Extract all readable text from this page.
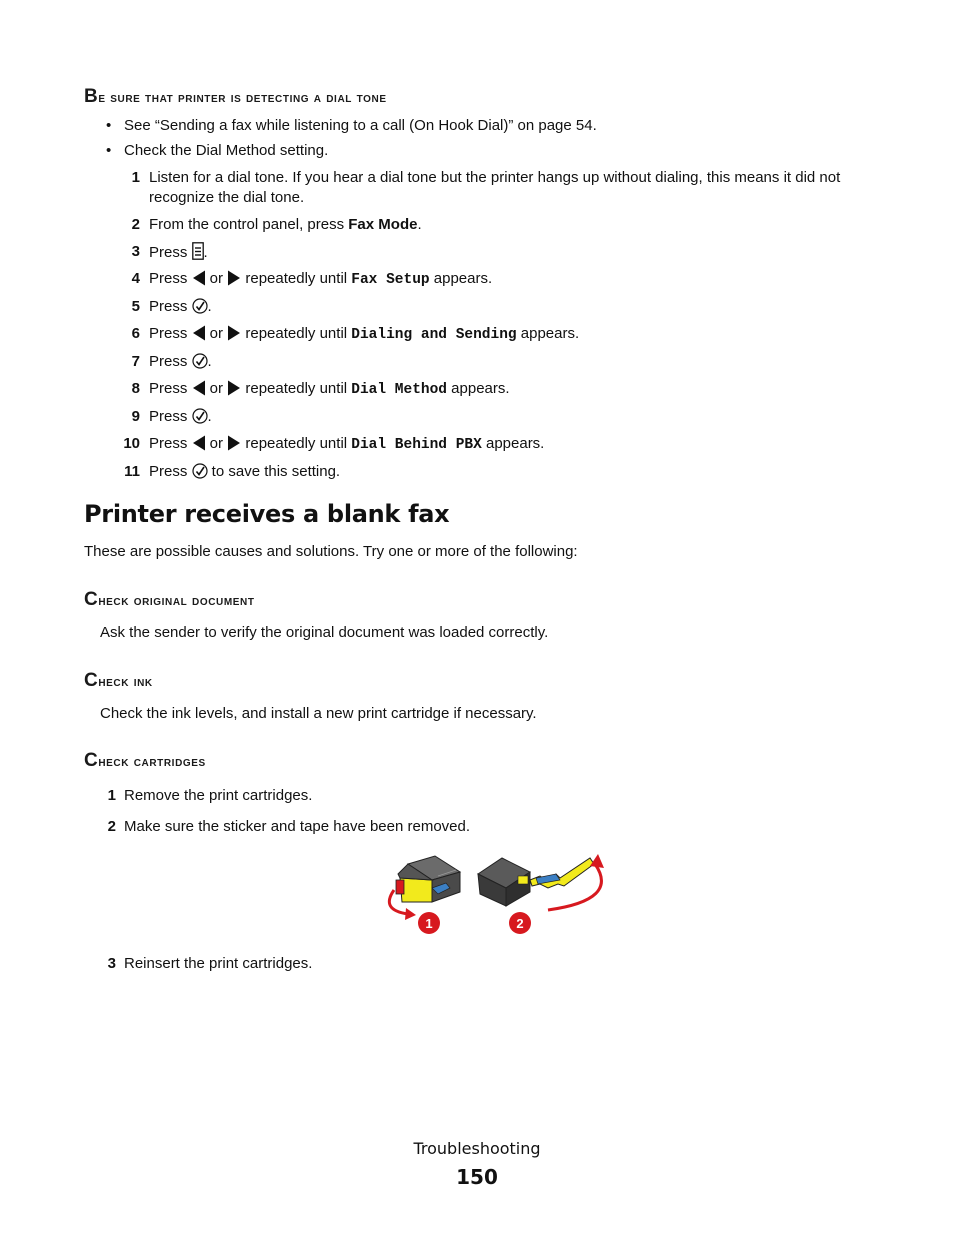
Be sure that printer is detecting a dial tone
• See “Sending a fax while listening to a call (On Hook Dial)” on page 54.
• Check the Dial Method setting.
1 Listen for a dial tone. If you hear a dial tone but the printer hangs up without dialing, this means it did not
recognize the dial tone.
2 From the control panel, press Fax Mode.
3 Press .
4 Press  or  repeatedly until Fax Setup appears.
5 Press .
6 Press  or  repeatedly until Dialing and Sending appears.
7 Press .
8 Press  or  repeatedly until Dial Method appears.
9 Press .
10 Press  or  repeatedly until Dial Behind PBX appears.
11 Press  to save this setting.
Printer receives a blank fax
These are possible causes and solutions. Try one or more of the following:
Check original document
Ask the sender to verify the original document was loaded correctly.
Check ink
Check the ink levels, and install a new print cartridge if necessary.
Check cartridges
1 Remove the print cartridges.
2 Make sure the sticker and tape have been removed.
1	2
3 Reinsert the print cartridges.
Troubleshooting
150
